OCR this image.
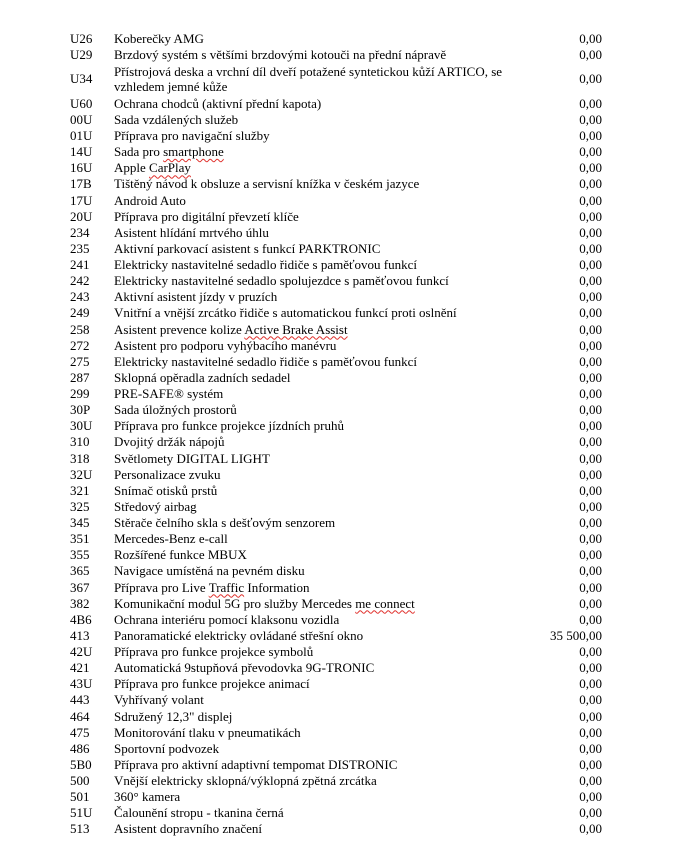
U26	Koberečky AMG	0,00
U29	Brzdový systém s většími brzdovými kotouči na přední nápravě	0,00
U34	Přístrojová deska a vrchní díl dveří potažené syntetickou kůží ARTICO, se vzhledem jemné kůže	0,00
U60	Ochrana chodců (aktivní přední kapota)	0,00
00U	Sada vzdálených služeb	0,00
01U	Příprava pro navigační služby	0,00
14U	Sada pro smartphone	0,00
16U	Apple CarPlay	0,00
17B	Tištěný návod k obsluze a servisní knížka v českém jazyce	0,00
17U	Android Auto	0,00
20U	Příprava pro digitální převzetí klíče	0,00
234	Asistent hlídání mrtvého úhlu	0,00
235	Aktivní parkovací asistent s funkcí PARKTRONIC	0,00
241	Elektricky nastavitelné sedadlo řidiče s paměťovou funkcí	0,00
242	Elektricky nastavitelné sedadlo spolujezdce s paměťovou funkcí	0,00
243	Aktivní asistent jízdy v pruzích	0,00
249	Vnitřní a vnější zrcátko řidiče s automatickou funkcí proti oslnění	0,00
258	Asistent prevence kolize Active Brake Assist	0,00
272	Asistent pro podporu vyhýbacího manévru	0,00
275	Elektricky nastavitelné sedadlo řidiče s paměťovou funkcí	0,00
287	Sklopná opěradla zadních sedadel	0,00
299	PRE-SAFE® systém	0,00
30P	Sada úložných prostorů	0,00
30U	Příprava pro funkce projekce jízdních pruhů	0,00
310	Dvojitý držák nápojů	0,00
318	Světlomety DIGITAL LIGHT	0,00
32U	Personalizace zvuku	0,00
321	Snímač otisků prstů	0,00
325	Středový airbag	0,00
345	Stěrače čelního skla s dešťovým senzorem	0,00
351	Mercedes-Benz e-call	0,00
355	Rozšířené funkce MBUX	0,00
365	Navigace umístěná na pevném disku	0,00
367	Příprava pro Live Traffic Information	0,00
382	Komunikační modul 5G pro služby Mercedes me connect	0,00
4B6	Ochrana interiéru pomocí klaksonu vozidla	0,00
413	Panoramatické elektricky ovládané střešní okno	35 500,00
42U	Příprava pro funkce projekce symbolů	0,00
421	Automatická 9stupňová převodovka 9G-TRONIC	0,00
43U	Příprava pro funkce projekce animací	0,00
443	Vyhřívaný volant	0,00
464	Sdružený 12,3" displej	0,00
475	Monitorování tlaku v pneumatikách	0,00
486	Sportovní podvozek	0,00
5B0	Příprava pro aktivní adaptivní tempomat DISTRONIC	0,00
500	Vnější elektricky sklopná/výklopná zpětná zrcátka	0,00
501	360° kamera	0,00
51U	Čalounění stropu - tkanina černá	0,00
513	Asistent dopravního značení	0,00
